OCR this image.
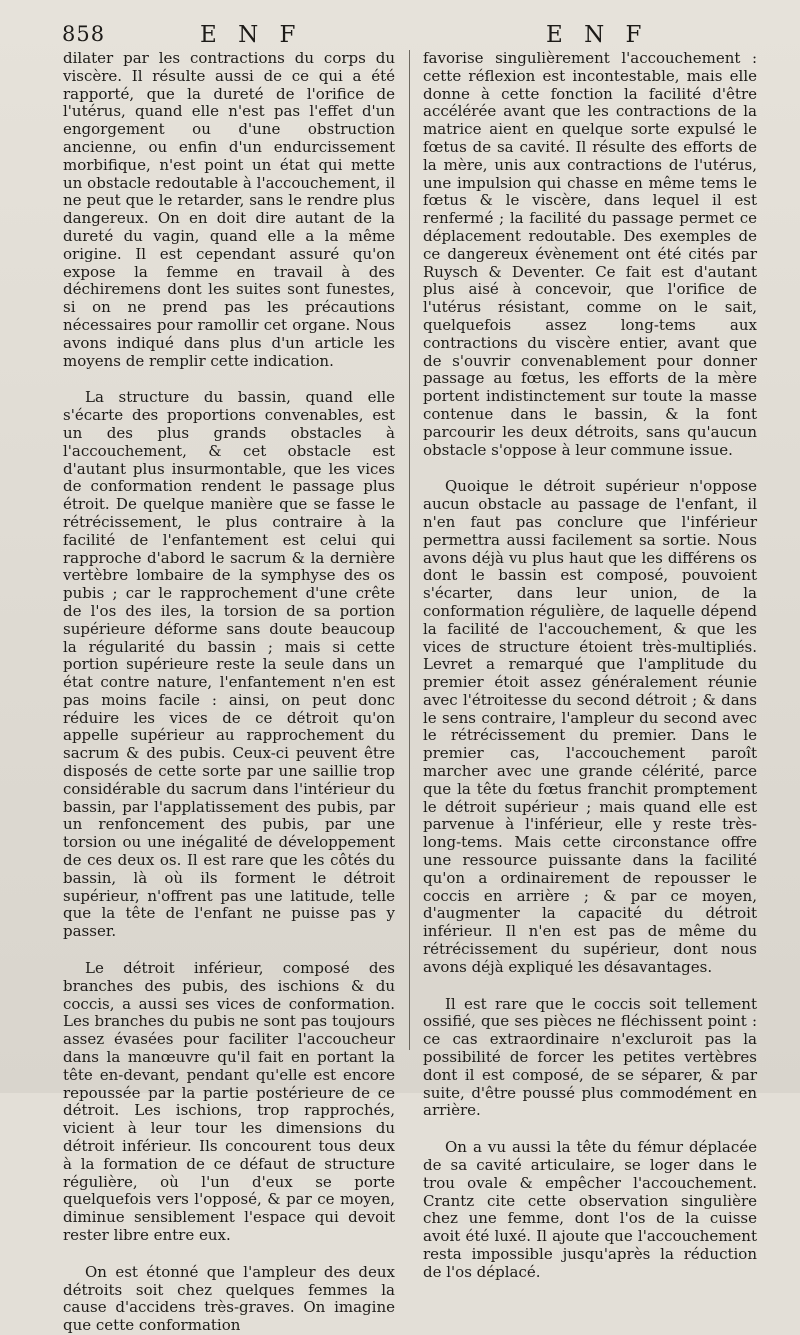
858	E N F	E N F

dilater par les contractions du corps du viscère. Il résulte aussi de ce qui a été rapporté, que la dureté de l'orifice de l'utérus, quand elle n'est pas l'effet d'un engorgement ou d'une obstruction ancienne, ou enfin d'un endurcissement morbifique, n'est point un état qui mette un obstacle redoutable à l'accouchement, il ne peut que le retarder, sans le rendre plus dangereux. On en doit dire autant de la dureté du vagin, quand elle a la même origine. Il est cependant assuré qu'on expose la femme en travail à des déchiremens dont les suites sont funestes, si on ne prend pas les précautions nécessaires pour ramollir cet organe. Nous avons indiqué dans plus d'un article les moyens de remplir cette indication.

La structure du bassin, quand elle s'écarte des proportions convenables, est un des plus grands obstacles à l'accouchement, & cet obstacle est d'autant plus insurmontable, que les vices de conformation rendent le passage plus étroit. De quelque manière que se fasse le rétrécissement, le plus contraire à la facilité de l'enfantement est celui qui rapproche d'abord le sacrum & la dernière vertèbre lombaire de la symphyse des os pubis ; car le rapprochement d'une crête de l'os des iles, la torsion de sa portion supérieure déforme sans doute beaucoup la régularité du bassin ; mais si cette portion supérieure reste la seule dans un état contre nature, l'enfantement n'en est pas moins facile : ainsi, on peut donc réduire les vices de ce détroit qu'on appelle supérieur au rapprochement du sacrum & des pubis. Ceux-ci peuvent être disposés de cette sorte par une saillie trop considérable du sacrum dans l'intérieur du bassin, par l'applatissement des pubis, par un renfoncement des pubis, par une torsion ou une inégalité de développement de ces deux os. Il est rare que les côtés du bassin, là où ils forment le détroit supérieur, n'offrent pas une latitude, telle que la tête de l'enfant ne puisse pas y passer.

Le détroit inférieur, composé des branches des pubis, des ischions & du coccis, a aussi ses vices de conformation. Les branches du pubis ne sont pas toujours assez évasées pour faciliter l'accoucheur dans la manœuvre qu'il fait en portant la tête en-devant, pendant qu'elle est encore repoussée par la partie postérieure de ce détroit. Les ischions, trop rapprochés, vicient à leur tour les dimensions du détroit inférieur. Ils concourent tous deux à la formation de ce défaut de structure régulière, où l'un d'eux se porte quelquefois vers l'opposé, & par ce moyen, diminue sensiblement l'espace qui devoit rester libre entre eux.

On est étonné que l'ampleur des deux détroits soit chez quelques femmes la cause d'accidens très-graves. On imagine que cette conformation

favorise singulièrement l'accouchement : cette réflexion est incontestable, mais elle donne à cette fonction la facilité d'être accélérée avant que les contractions de la matrice aient en quelque sorte expulsé le fœtus de sa cavité. Il résulte des efforts de la mère, unis aux contractions de l'utérus, une impulsion qui chasse en même tems le fœtus & le viscère, dans lequel il est renfermé ; la facilité du passage permet ce déplacement redoutable. Des exemples de ce dangereux évènement ont été cités par Ruysch & Deventer. Ce fait est d'autant plus aisé à concevoir, que l'orifice de l'utérus résistant, comme on le sait, quelquefois assez long-tems aux contractions du viscère entier, avant que de s'ouvrir convenablement pour donner passage au fœtus, les efforts de la mère portent indistinctement sur toute la masse contenue dans le bassin, & la font parcourir les deux détroits, sans qu'aucun obstacle s'oppose à leur commune issue.

Quoique le détroit supérieur n'oppose aucun obstacle au passage de l'enfant, il n'en faut pas conclure que l'inférieur permettra aussi facilement sa sortie. Nous avons déjà vu plus haut que les différens os dont le bassin est composé, pouvoient s'écarter, dans leur union, de la conformation régulière, de laquelle dépend la facilité de l'accouchement, & que les vices de structure étoient très-multipliés. Levret a remarqué que l'amplitude du premier étoit assez généralement réunie avec l'étroitesse du second détroit ; & dans le sens contraire, l'ampleur du second avec le rétrécissement du premier. Dans le premier cas, l'accouchement paroît marcher avec une grande célérité, parce que la tête du fœtus franchit promptement le détroit supérieur ; mais quand elle est parvenue à l'inférieur, elle y reste très-long-tems. Mais cette circonstance offre une ressource puissante dans la facilité qu'on a ordinairement de repousser le coccis en arrière ; & par ce moyen, d'augmenter la capacité du détroit inférieur. Il n'en est pas de même du rétrécissement du supérieur, dont nous avons déjà expliqué les désavantages.

Il est rare que le coccis soit tellement ossifié, que ses pièces ne fléchissent point : ce cas extraordinaire n'excluroit pas la possibilité de forcer les petites vertèbres dont il est composé, de se séparer, & par suite, d'être poussé plus commodément en arrière.

On a vu aussi la tête du fémur déplacée de sa cavité articulaire, se loger dans le trou ovale & empêcher l'accouchement. Crantz cite cette observation singulière chez une femme, dont l'os de la cuisse avoit été luxé. Il ajoute que l'accouchement resta impossible jusqu'après la réduction de l'os déplacé.
